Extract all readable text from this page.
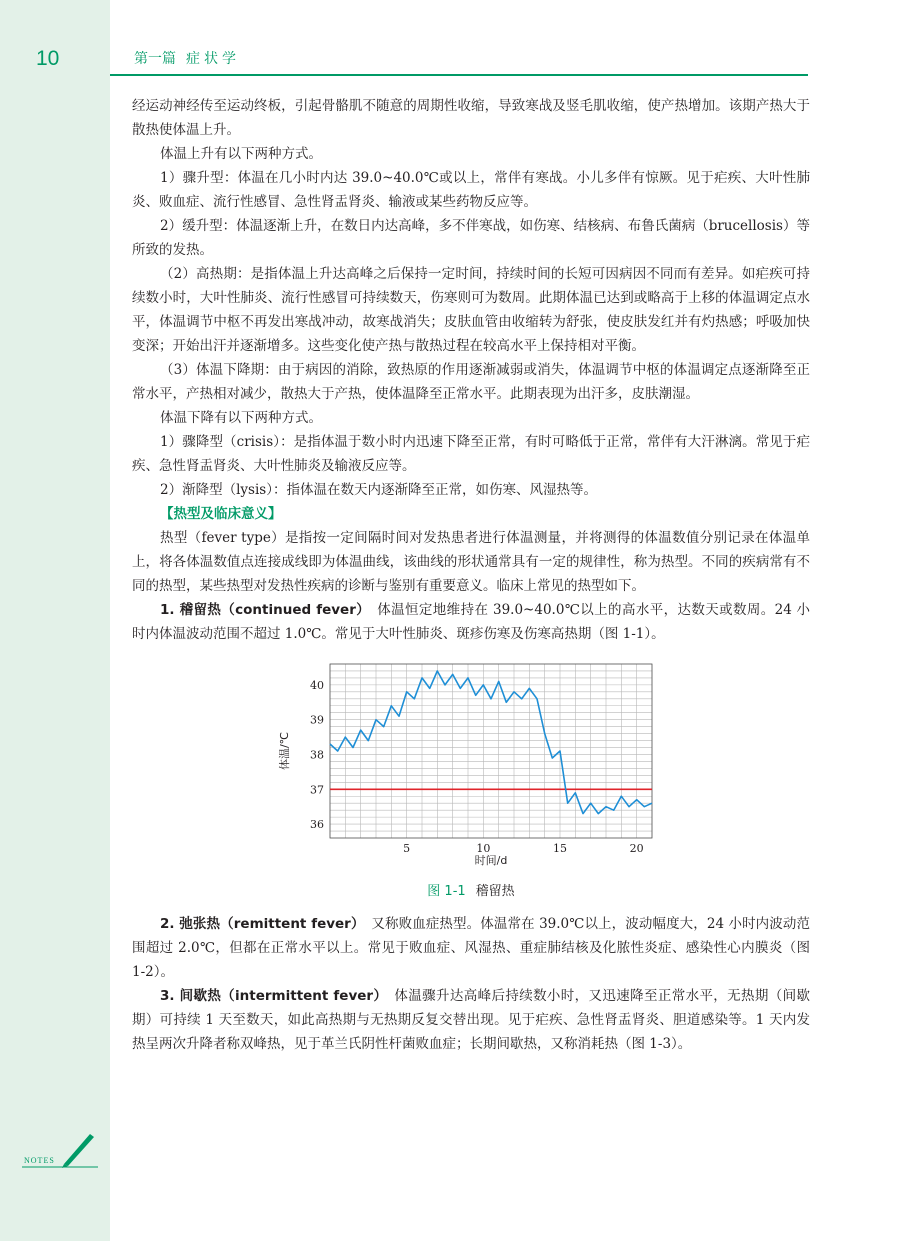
10	第一篇 症状学

经运动神经传至运动终板，引起骨骼肌不随意的周期性收缩，导致寒战及竖毛肌收缩，使产热增加。该期产热大于散热使体温上升。

体温上升有以下两种方式。

1）骤升型：体温在几小时内达 39.0~40.0℃或以上，常伴有寒战。小儿多伴有惊厥。见于疟疾、大叶性肺炎、败血症、流行性感冒、急性肾盂肾炎、输液或某些药物反应等。

2）缓升型：体温逐渐上升，在数日内达高峰，多不伴寒战，如伤寒、结核病、布鲁氏菌病（brucellosis）等所致的发热。

（2）高热期：是指体温上升达高峰之后保持一定时间，持续时间的长短可因病因不同而有差异。如疟疾可持续数小时，大叶性肺炎、流行性感冒可持续数天，伤寒则可为数周。此期体温已达到或略高于上移的体温调定点水平，体温调节中枢不再发出寒战冲动，故寒战消失；皮肤血管由收缩转为舒张，使皮肤发红并有灼热感；呼吸加快变深；开始出汗并逐渐增多。这些变化使产热与散热过程在较高水平上保持相对平衡。

（3）体温下降期：由于病因的消除，致热原的作用逐渐减弱或消失，体温调节中枢的体温调定点逐渐降至正常水平，产热相对减少，散热大于产热，使体温降至正常水平。此期表现为出汗多，皮肤潮湿。

体温下降有以下两种方式。

1）骤降型（crisis）：是指体温于数小时内迅速下降至正常，有时可略低于正常，常伴有大汗淋漓。常见于疟疾、急性肾盂肾炎、大叶性肺炎及输液反应等。

2）渐降型（lysis）：指体温在数天内逐渐降至正常，如伤寒、风湿热等。

【热型及临床意义】

热型（fever type）是指按一定间隔时间对发热患者进行体温测量，并将测得的体温数值分别记录在体温单上，将各体温数值点连接成线即为体温曲线，该曲线的形状通常具有一定的规律性，称为热型。不同的疾病常有不同的热型，某些热型对发热性疾病的诊断与鉴别有重要意义。临床上常见的热型如下。

1. 稽留热（continued fever）  体温恒定地维持在 39.0~40.0℃以上的高水平，达数天或数周。24 小时内体温波动范围不超过 1.0℃。常见于大叶性肺炎、斑疹伤寒及伤寒高热期（图 1-1）。

36
37
38
39
40
5	10	15	20
时间/d
体温/℃
图 1-1 稽留热

2. 弛张热（remittent fever）  又称败血症热型。体温常在 39.0℃以上，波动幅度大，24 小时内波动范围超过 2.0℃，但都在正常水平以上。常见于败血症、风湿热、重症肺结核及化脓性炎症、感染性心内膜炎（图 1-2）。

3. 间歇热（intermittent fever）  体温骤升达高峰后持续数小时，又迅速降至正常水平，无热期（间歇期）可持续 1 天至数天，如此高热期与无热期反复交替出现。见于疟疾、急性肾盂肾炎、胆道感染等。1 天内发热呈两次升降者称双峰热，见于革兰氏阴性杆菌败血症；长期间歇热，又称消耗热（图 1-3）。

NOTES
